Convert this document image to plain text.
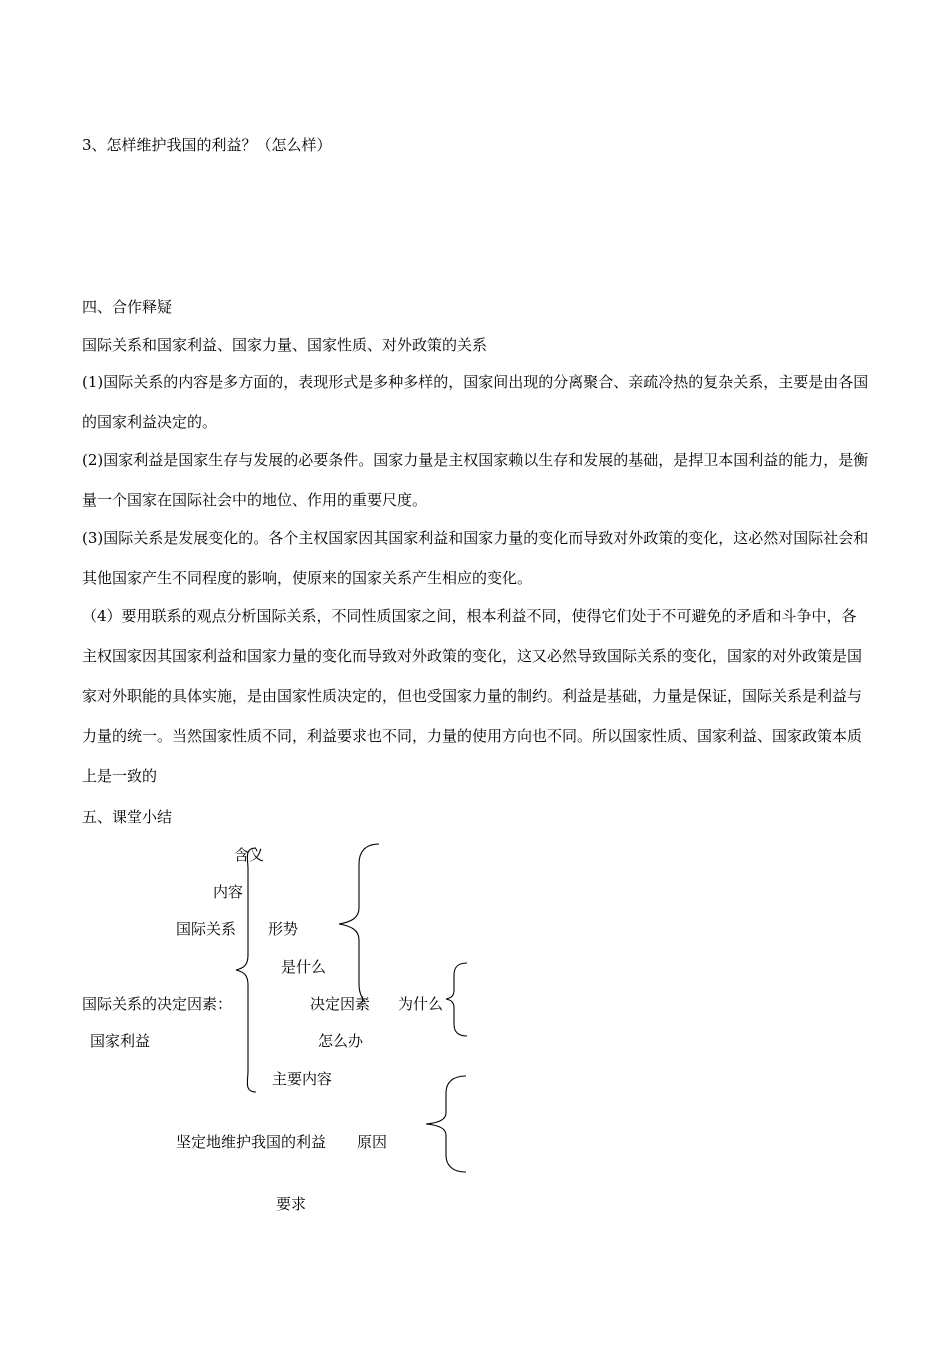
3、怎样维护我国的利益？（怎么样）
四、合作释疑
国际关系和国家利益、国家力量、国家性质、对外政策的关系
(1)国际关系的内容是多方面的，表现形式是多种多样的，国家间出现的分离聚合、亲疏冷热的复杂关系，主要是由各国的国家利益决定的。
(2)国家利益是国家生存与发展的必要条件。国家力量是主权国家赖以生存和发展的基础，是捍卫本国利益的能力，是衡量一个国家在国际社会中的地位、作用的重要尺度。
(3)国际关系是发展变化的。各个主权国家因其国家利益和国家力量的变化而导致对外政策的变化，这必然对国际社会和其他国家产生不同程度的影响，使原来的国家关系产生相应的变化。
（4）要用联系的观点分析国际关系，不同性质国家之间，根本利益不同，使得它们处于不可避免的矛盾和斗争中，各主权国家因其国家利益和国家力量的变化而导致对外政策的变化，这又必然导致国际关系的变化，国家的对外政策是国家对外职能的具体实施，是由国家性质决定的，但也受国家力量的制约。利益是基础，力量是保证，国际关系是利益与力量的统一。当然国家性质不同，利益要求也不同，力量的使用方向也不同。所以国家性质、国家利益、国家政策本质上是一致的
五、课堂小结
含义
内容
国际关系 形势
是什么
国际关系的决定因素：	决定因素 为什么
国家利益	怎么办
主要内容
坚定地维护我国的利益 原因
要求
